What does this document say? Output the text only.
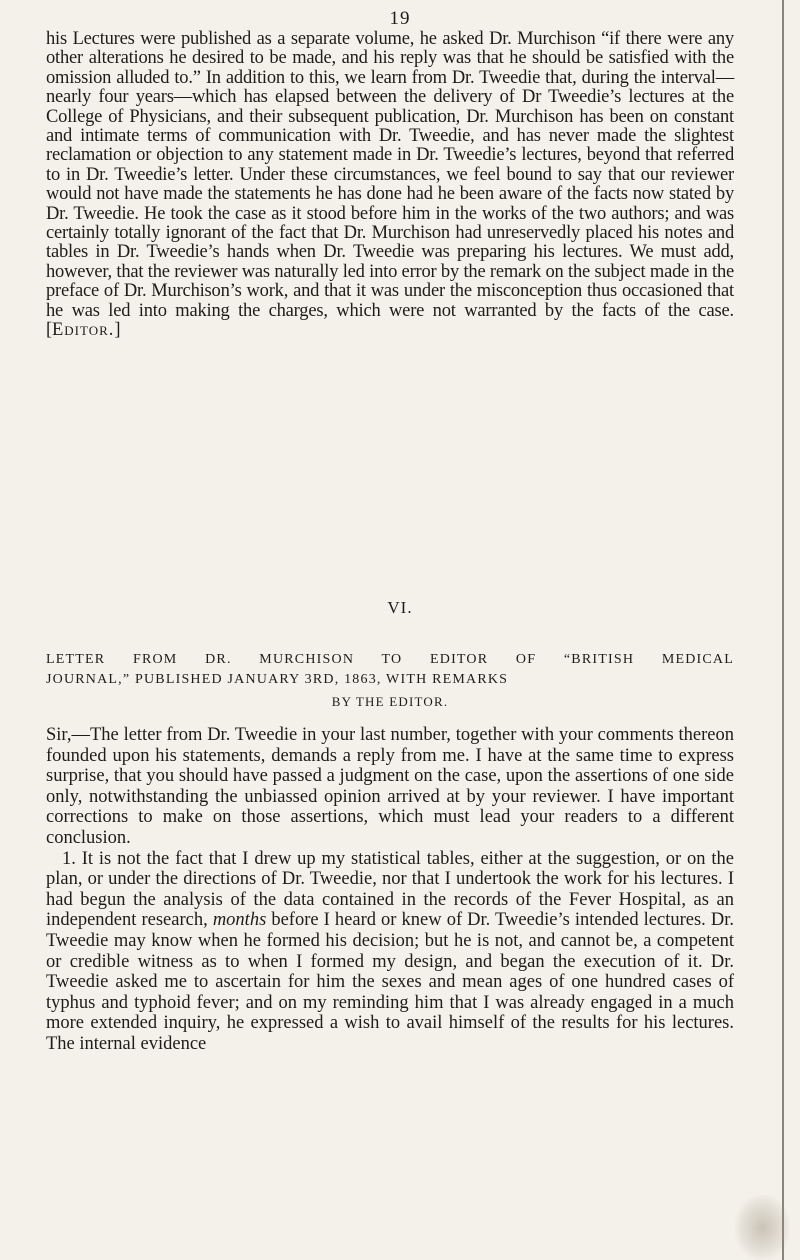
19
his Lectures were published as a separate volume, he asked Dr. Murchison “if there were any other alterations he desired to be made, and his reply was that he should be satisfied with the omission alluded to.” In addition to this, we learn from Dr. Tweedie that, during the interval—nearly four years—which has elapsed between the delivery of Dr Tweedie’s lectures at the College of Physicians, and their subsequent publication, Dr. Murchison has been on constant and intimate terms of communication with Dr. Tweedie, and has never made the slightest reclamation or objection to any statement made in Dr. Tweedie’s lectures, beyond that referred to in Dr. Tweedie’s letter. Under these circumstances, we feel bound to say that our reviewer would not have made the statements he has done had he been aware of the facts now stated by Dr. Tweedie. He took the case as it stood before him in the works of the two authors; and was certainly totally ignorant of the fact that Dr. Murchison had unreservedly placed his notes and tables in Dr. Tweedie’s hands when Dr. Tweedie was preparing his lectures. We must add, however, that the reviewer was naturally led into error by the remark on the subject made in the preface of Dr. Murchison’s work, and that it was under the misconception thus occasioned that he was led into making the charges, which were not warranted by the facts of the case. [Editor.]
VI.
LETTER FROM DR. MURCHISON TO EDITOR OF “BRITISH MEDICAL
JOURNAL,” PUBLISHED JANUARY 3RD, 1863, WITH REMARKS
BY THE EDITOR.

Sir,—The letter from Dr. Tweedie in your last number, together with your comments thereon founded upon his statements, demands a reply from me. I have at the same time to express surprise, that you should have passed a judgment on the case, upon the assertions of one side only, notwithstanding the unbiassed opinion arrived at by your reviewer. I have important corrections to make on those assertions, which must lead your readers to a different conclusion.

1. It is not the fact that I drew up my statistical tables, either at the suggestion, or on the plan, or under the directions of Dr. Tweedie, nor that I undertook the work for his lectures. I had begun the analysis of the data contained in the records of the Fever Hospital, as an independent research, months before I heard or knew of Dr. Tweedie’s intended lectures. Dr. Tweedie may know when he formed his decision; but he is not, and cannot be, a competent or credible witness as to when I formed my design, and began the execution of it. Dr. Tweedie asked me to ascertain for him the sexes and mean ages of one hundred cases of typhus and typhoid fever; and on my reminding him that I was already engaged in a much more extended inquiry, he expressed a wish to avail himself of the results for his lectures. The internal evidence
